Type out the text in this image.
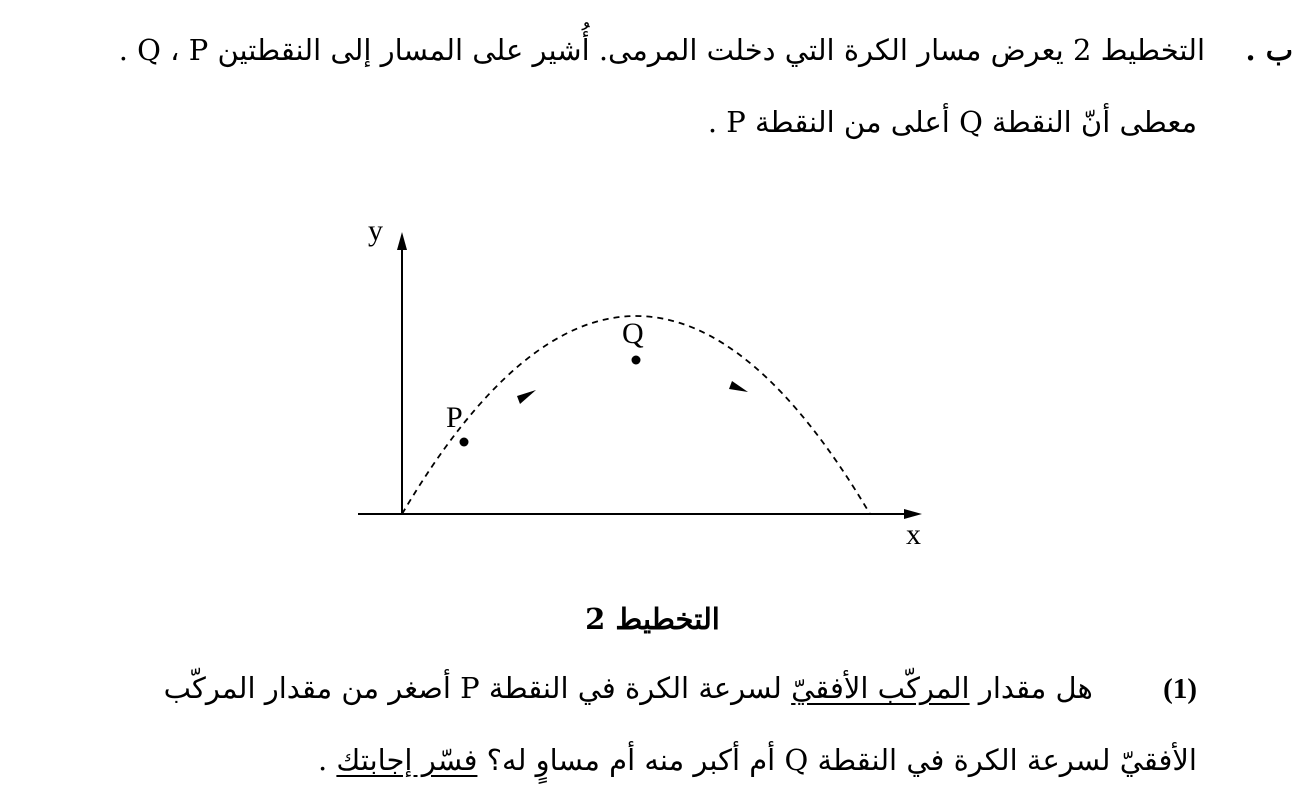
ب .  التخطيط 2 يعرض مسار الكرة التي دخلت المرمى. أُشير على المسار إلى النقطتين Q ، P .
معطى أنّ النقطة Q أعلى من النقطة P .
y
x
P
Q
التخطيط 2
(1) هل مقدار المركّب الأفقيّ لسرعة الكرة في النقطة P أصغر من مقدار المركّب
الأفقيّ لسرعة الكرة في النقطة Q أم أكبر منه أم مساوٍ له؟ فسّر إجابتك .
